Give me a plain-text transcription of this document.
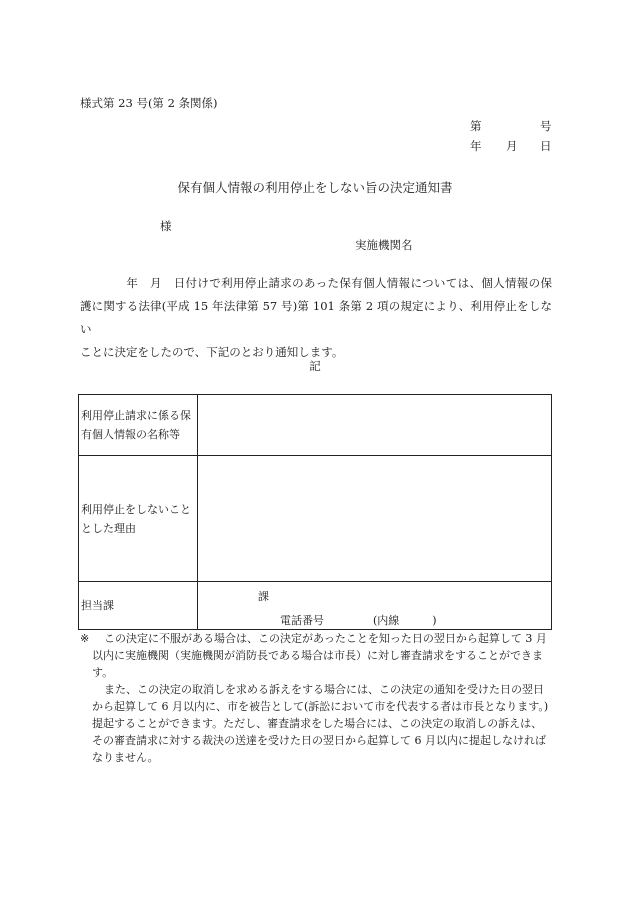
様式第 23 号(第 2 条関係)
第	号
年 月 日
保有個人情報の利用停止をしない旨の決定通知書
様
実施機関名

年　月　日付けで利用停止請求のあった保有個人情報については、個人情報の保

護に関する法律(平成 15 年法律第 57 号)第 101 条第 2 項の規定により、利用停止をしない

ことに決定をしたので、下記のとおり通知します。

記
利用停止請求に係る保
有個人情報の名称等	

利用停止をしないこと
とした理由	

担当課	課
電話番号 (内線　　　)
※	この決定に不服がある場合は、この決定があったことを知った日の翌日から起算して 3 月以内に実施機関（実施機関が消防長である場合は市長）に対し審査請求をすることができます。

また、この決定の取消しを求める訴えをする場合には、この決定の通知を受けた日の翌日から起算して 6 月以内に、市を被告として(訴訟において市を代表する者は市長となります。)提起することができます。ただし、審査請求をした場合には、この決定の取消しの訴えは、その審査請求に対する裁決の送達を受けた日の翌日から起算して 6 月以内に提起しなければなりません。
